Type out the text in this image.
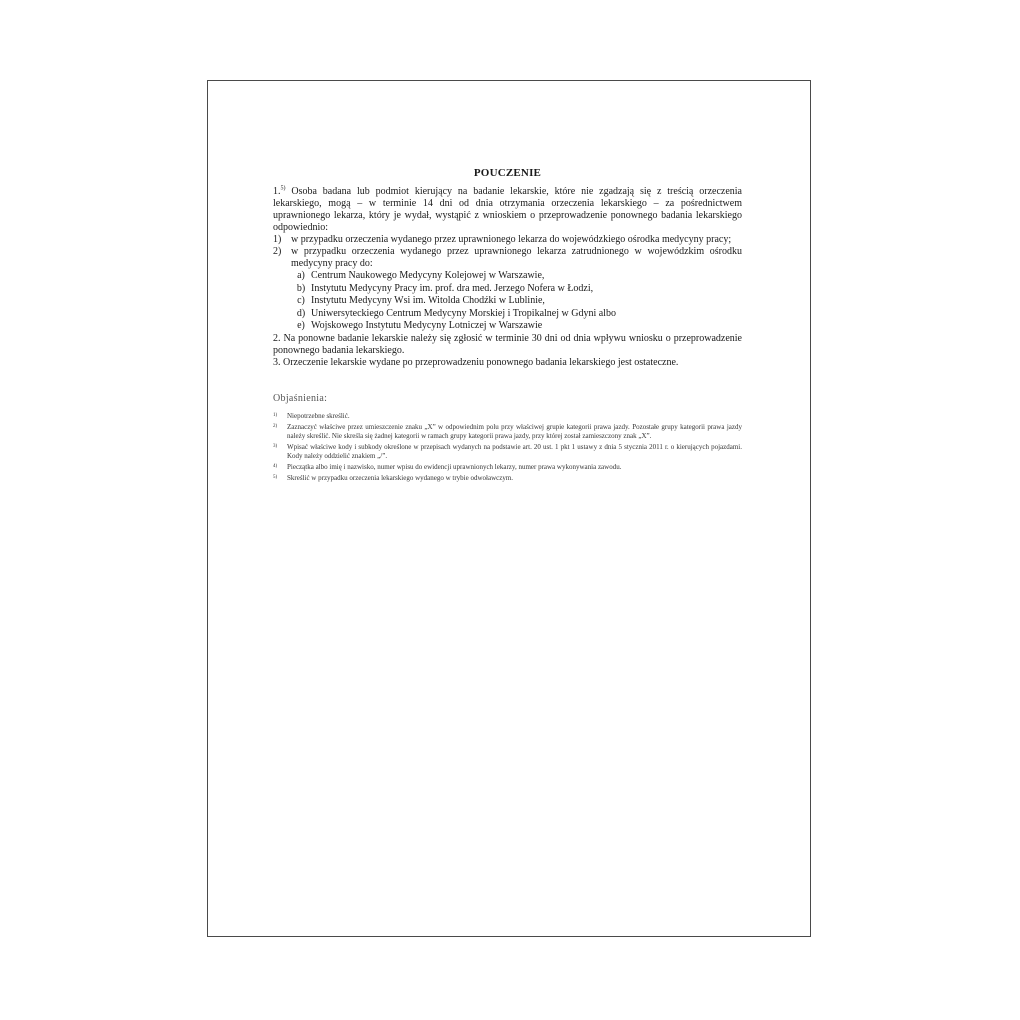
POUCZENIE

1.$^{5)}$ Osoba badana lub podmiot kierujący na badanie lekarskie, które nie zgadzają się z treścią orzeczenia lekarskiego, mogą – w terminie 14 dni od dnia otrzymania orzeczenia lekarskiego – za pośrednictwem uprawnionego lekarza, który je wydał, wystąpić z wnioskiem o przeprowadzenie ponownego badania lekarskiego odpowiednio:

1) w przypadku orzeczenia wydanego przez uprawnionego lekarza do wojewódzkiego ośrodka medycyny pracy;
2) w przypadku orzeczenia wydanego przez uprawnionego lekarza zatrudnionego w wojewódzkim ośrodku medycyny pracy do:
a) Centrum Naukowego Medycyny Kolejowej w Warszawie,
b) Instytutu Medycyny Pracy im. prof. dra med. Jerzego Nofera w Łodzi,
c) Instytutu Medycyny Wsi im. Witolda Chodźki w Lublinie,
d) Uniwersyteckiego Centrum Medycyny Morskiej i Tropikalnej w Gdyni albo
e) Wojskowego Instytutu Medycyny Lotniczej w Warszawie

2. Na ponowne badanie lekarskie należy się zgłosić w terminie 30 dni od dnia wpływu wniosku o przeprowadzenie ponownego badania lekarskiego.

3. Orzeczenie lekarskie wydane po przeprowadzeniu ponownego badania lekarskiego jest ostateczne.

Objaśnienia:
1)	Niepotrzebne skreślić.
2)	Zaznaczyć właściwe przez umieszczenie znaku „X” w odpowiednim polu przy właściwej grupie kategorii prawa jazdy. Pozostałe grupy kategorii prawa jazdy należy skreślić. Nie skreśla się żadnej kategorii w ramach grupy kategorii prawa jazdy, przy której został zamieszczony znak „X”.
3)	Wpisać właściwe kody i subkody określone w przepisach wydanych na podstawie art. 20 ust. 1 pkt 1 ustawy z dnia 5 stycznia 2011 r. o kierujących pojazdami. Kody należy oddzielić znakiem „/”.
4)	Pieczątka albo imię i nazwisko, numer wpisu do ewidencji uprawnionych lekarzy, numer prawa wykonywania zawodu.
5)	Skreślić w przypadku orzeczenia lekarskiego wydanego w trybie odwoławczym.
